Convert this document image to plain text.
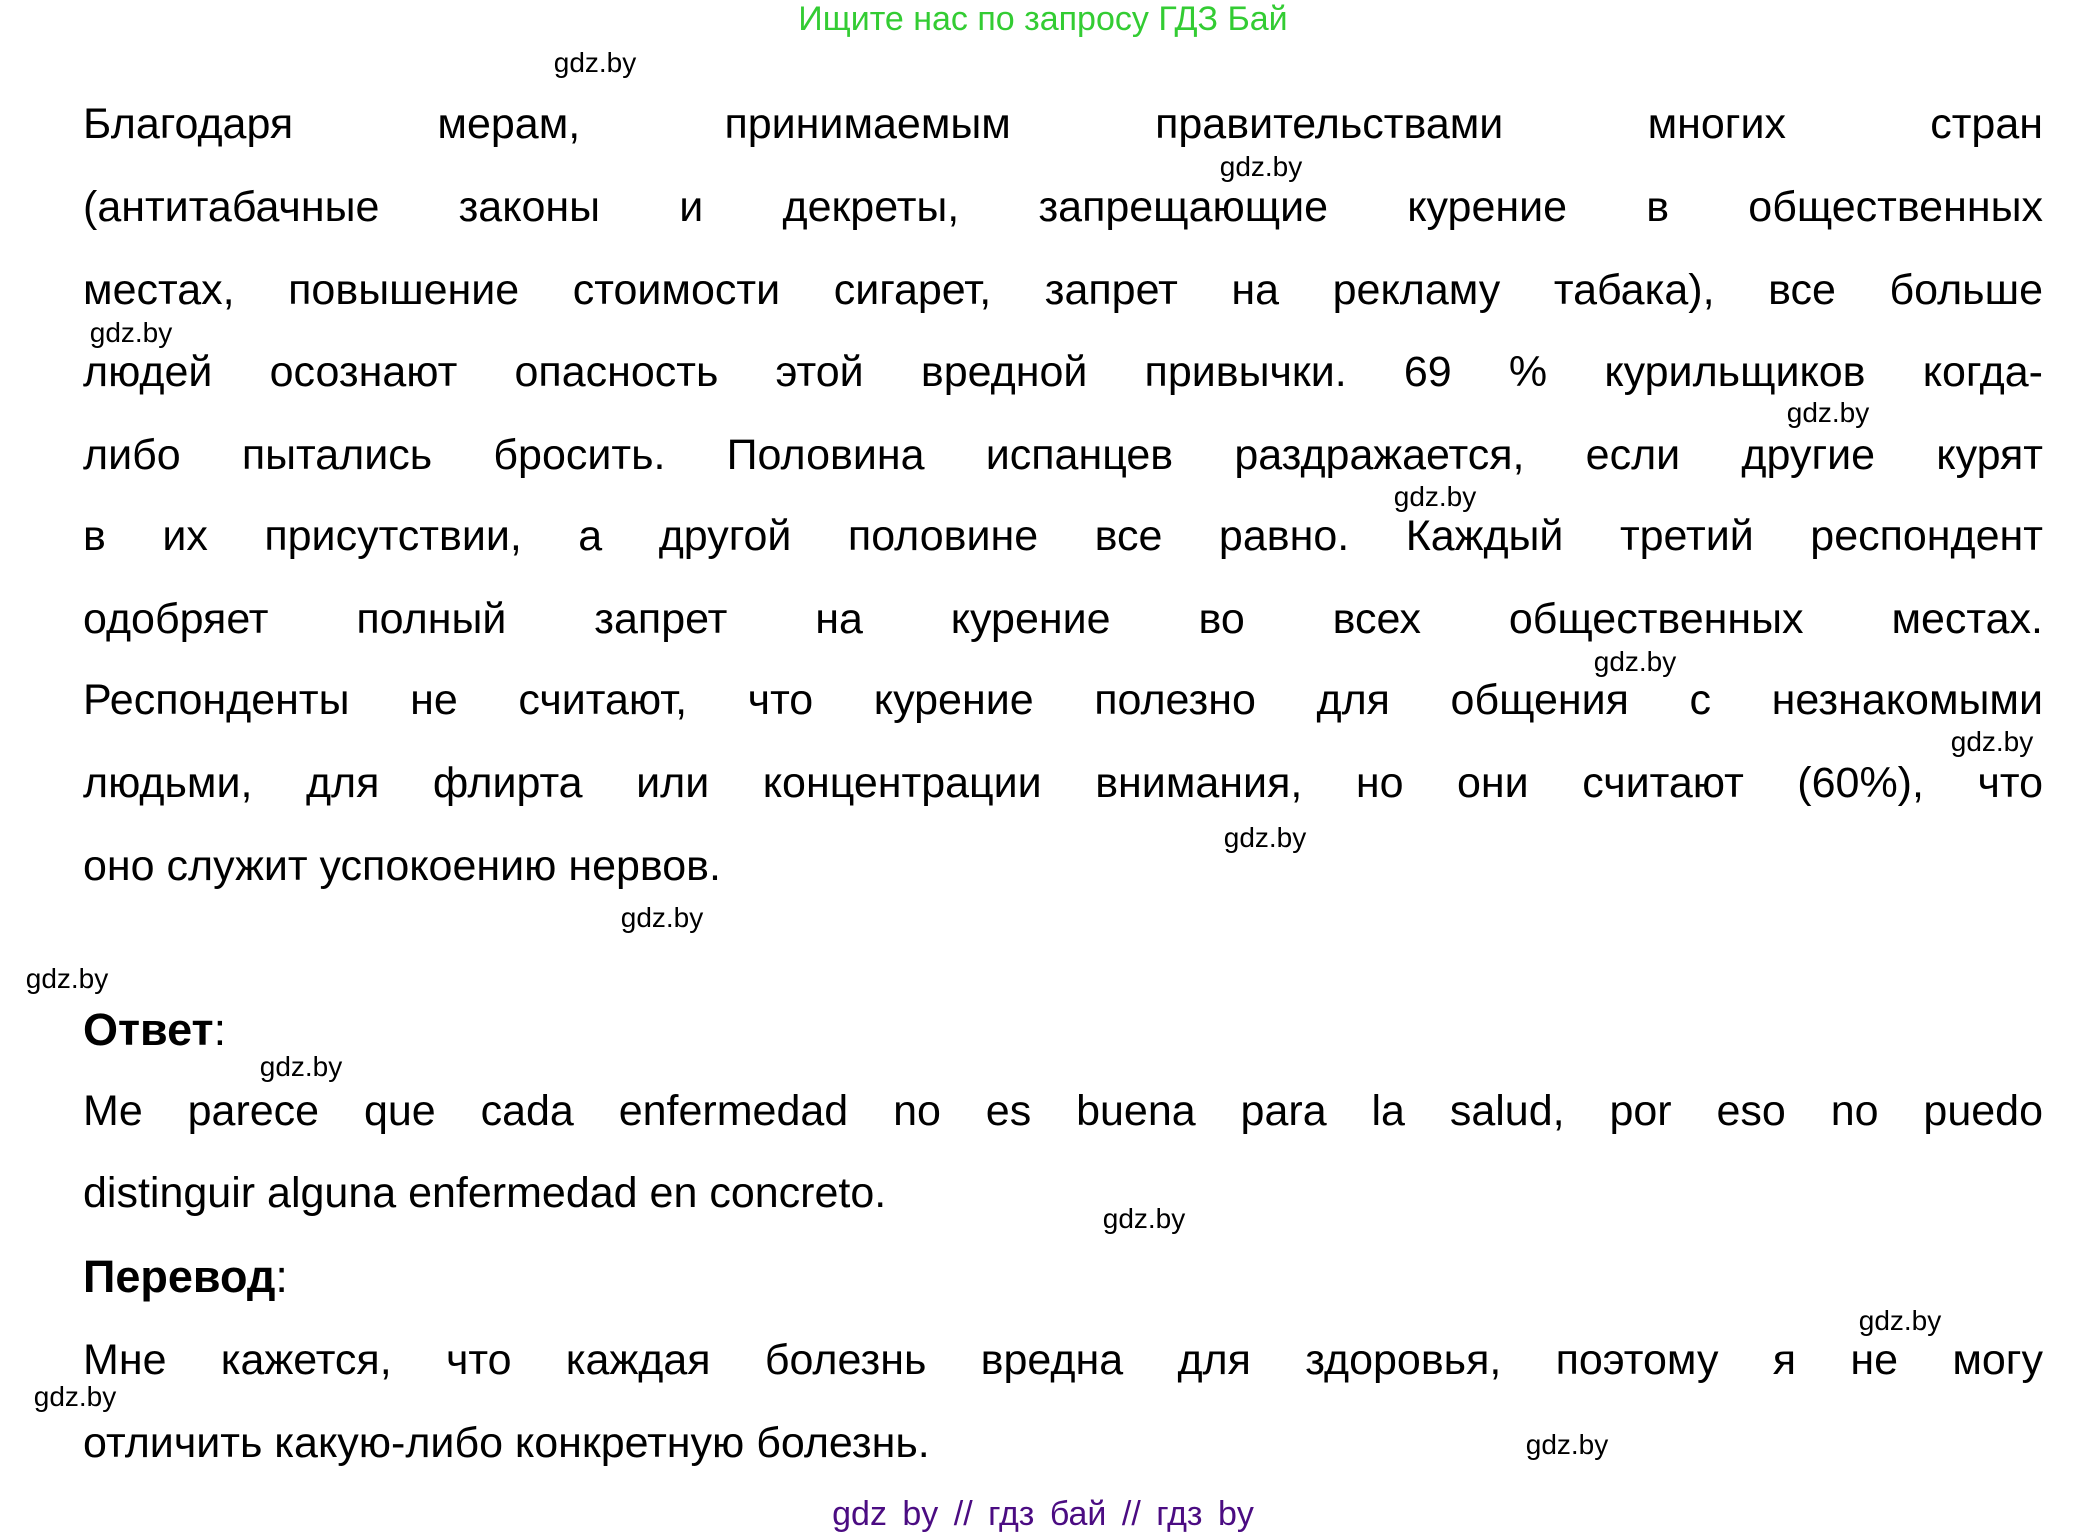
Ищите нас по запросу ГДЗ Бай
Благодаря мерам, принимаемым правительствами многих стран
(антитабачные законы и декреты, запрещающие курение в общественных
местах, повышение стоимости сигарет, запрет на рекламу табака), все больше
людей осознают опасность этой вредной привычки. 69 % курильщиков когда-
либо пытались бросить. Половина испанцев раздражается, если другие курят
в их присутствии, а другой половине все равно. Каждый третий респондент
одобряет полный запрет на курение во всех общественных местах.
Респонденты не считают, что курение полезно для общения с незнакомыми
людьми, для флирта или концентрации внимания, но они считают (60%), что
оно служит успокоению нервов.
Ответ:
Me parece que cada enfermedad no es buena para la salud, por eso no puedo
distinguir alguna enfermedad en concreto.
Перевод:
Мне кажется, что каждая болезнь вредна для здоровья, поэтому я не могу
отличить какую-либо конкретную болезнь.
gdz.by
gdz.by
gdz.by
gdz.by
gdz.by
gdz.by
gdz.by
gdz.by
gdz.by
gdz.by
gdz.by
gdz.by
gdz.by
gdz.by
gdz.by
gdz by // гдз бай // гдз by
